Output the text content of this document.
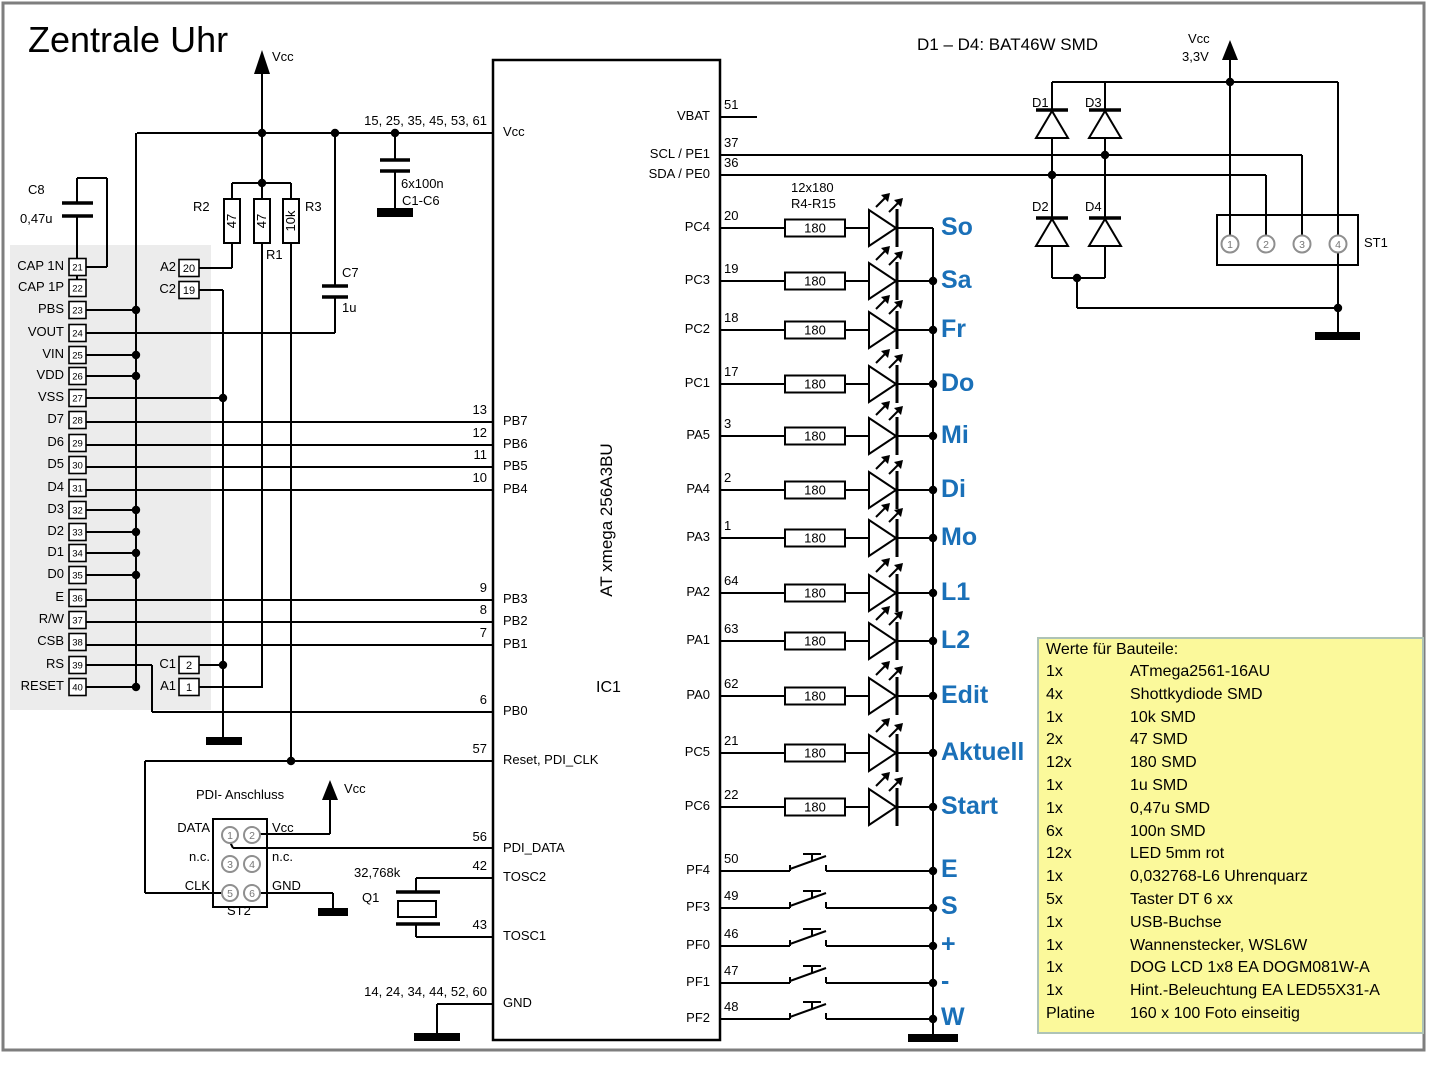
47 47 10k
AT xmega 256A3BU
21
22
23
24
25
26
27
28
29
30
31
32
33
34
35
36
37
38
39
40
20
19
2
1
180
180
180
180
180
180
180
180
180
180
180
180
1	2	3	4
1 2
3 4
5 6
Zentrale Uhr	D1 – D4: BAT46W SMD	Vcc
3,3V
Vcc
Vcc
C8
0,47u
R2
R1
R3
C7
1u
6x100n
C1-C6
32,768k
Q1
IC1
12x180
R4-R15
D1	D3
D2	D4
ST1
PDI- Anschluss
ST2
Werte für Bauteile:
15, 25, 35, 45, 53, 61
Vcc
13
PB7
12
PB6
11
PB5
10
PB4
9
PB3
8
PB2
7
PB1
6
PB0
57
Reset, PDI_CLK
56
PDI_DATA
42
TOSC2
43
TOSC1
14, 24, 34, 44, 52, 60
GND
51
VBAT
37
SCL / PE1
36
SDA / PE0
20
PC4
19
PC3
18
PC2
17
PC1
3
PA5
2
PA4
1
PA3
64
PA2
63
PA1
62
PA0
21
PC5
22
PC6
50
PF4
49
PF3
46
PF0
47
PF1
48
PF2
CAP 1N
CAP 1P
PBS
VOUT
VIN
VDD
VSS
D7
D6
D5
D4
D3
D2
D1
D0
E
R/W
CSB
RS
RESET
A2
C2
C1
A1
So
Sa
Fr
Do
Mi
Di
Mo
L1
L2
Edit
Aktuell
Start
E
S
+
-
W
DATA
n.c.
CLK
Vcc
n.c.
GND
1x	ATmega2561-16AU
4x	Shottkydiode SMD
1x	10k SMD
2x	47 SMD
12x	180 SMD
1x	1u SMD
1x	0,47u SMD
6x	100n SMD
12x	LED 5mm rot
1x	0,032768-L6 Uhrenquarz
5x	Taster DT 6 xx
1x	USB-Buchse
1x	Wannenstecker, WSL6W
1x	DOG LCD 1x8 EA DOGM081W-A
1x	Hint.-Beleuchtung EA LED55X31-A
Platine 160 x 100 Foto einseitig
